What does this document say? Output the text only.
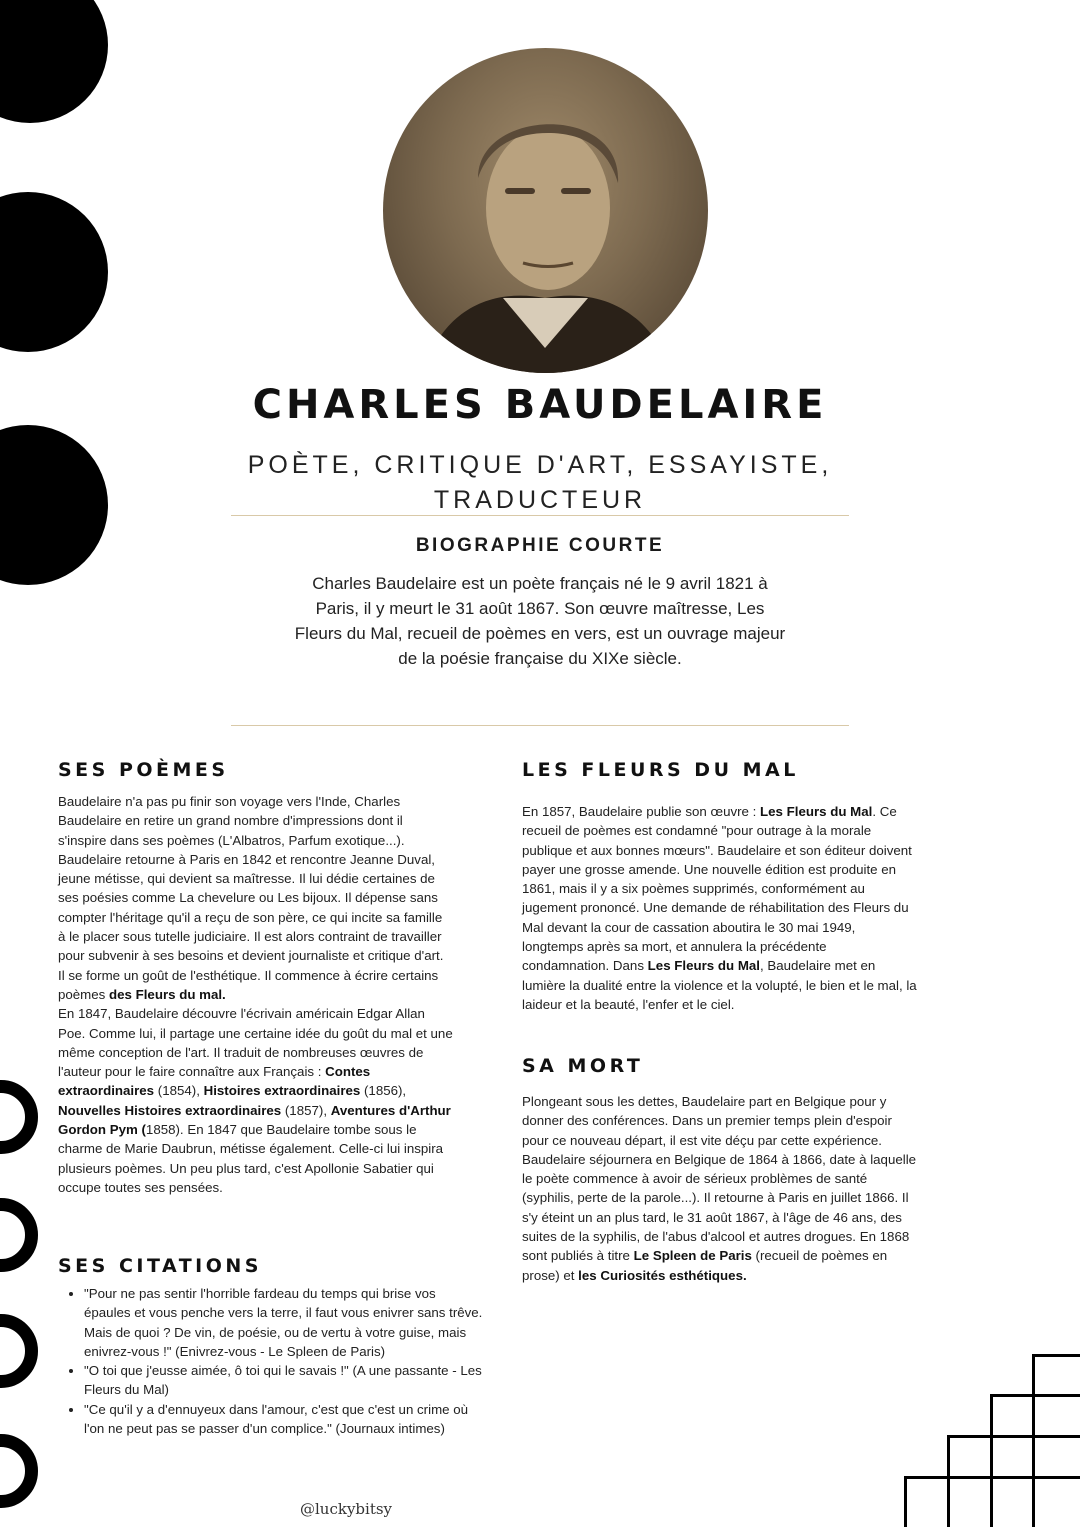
CHARLES BAUDELAIRE
POÈTE, CRITIQUE D'ART, ESSAYISTE,
TRADUCTEUR
BIOGRAPHIE COURTE
Charles Baudelaire est un poète français né le 9 avril 1821 à Paris, il y meurt le 31 août 1867. Son œuvre maîtresse, Les Fleurs du Mal, recueil de poèmes en vers, est un ouvrage majeur de la poésie française du XIXe siècle.
SES POÈMES
Baudelaire n'a pas pu finir son voyage vers l'Inde, Charles Baudelaire en retire un grand nombre d'impressions dont il s'inspire dans ses poèmes (L'Albatros, Parfum exotique...). Baudelaire retourne à Paris en 1842 et rencontre Jeanne Duval, jeune métisse, qui devient sa maîtresse. Il lui dédie certaines de ses poésies comme La chevelure ou Les bijoux. Il dépense sans compter l'héritage qu'il a reçu de son père, ce qui incite sa famille à le placer sous tutelle judiciaire. Il est alors contraint de travailler pour subvenir à ses besoins et devient journaliste et critique d'art. Il se forme un goût de l'esthétique. Il commence à écrire certains poèmes des Fleurs du mal.
En 1847, Baudelaire découvre l'écrivain américain Edgar Allan Poe. Comme lui, il partage une certaine idée du goût du mal et une même conception de l'art. Il traduit de nombreuses œuvres de l'auteur pour le faire connaître aux Français : Contes extraordinaires (1854), Histoires extraordinaires (1856), Nouvelles Histoires extraordinaires (1857), Aventures d'Arthur Gordon Pym (1858). En 1847 que Baudelaire tombe sous le charme de Marie Daubrun, métisse également. Celle-ci lui inspira plusieurs poèmes. Un peu plus tard, c'est Apollonie Sabatier qui occupe toutes ses pensées.
SES CITATIONS
• "Pour ne pas sentir l'horrible fardeau du temps qui brise vos épaules et vous penche vers la terre, il faut vous enivrer sans trêve. Mais de quoi ? De vin, de poésie, ou de vertu à votre guise, mais enivrez-vous !" (Enivrez-vous - Le Spleen de Paris)
• "O toi que j'eusse aimée, ô toi qui le savais !" (A une passante - Les Fleurs du Mal)
• "Ce qu'il y a d'ennuyeux dans l'amour, c'est que c'est un crime où l'on ne peut pas se passer d'un complice." (Journaux intimes)
LES FLEURS DU MAL
En 1857, Baudelaire publie son œuvre : Les Fleurs du Mal. Ce recueil de poèmes est condamné "pour outrage à la morale publique et aux bonnes mœurs". Baudelaire et son éditeur doivent payer une grosse amende. Une nouvelle édition est produite en 1861, mais il y a six poèmes supprimés, conformément au jugement prononcé. Une demande de réhabilitation des Fleurs du Mal devant la cour de cassation aboutira le 30 mai 1949, longtemps après sa mort, et annulera la précédente condamnation. Dans Les Fleurs du Mal, Baudelaire met en lumière la dualité entre la violence et la volupté, le bien et le mal, la laideur et la beauté, l'enfer et le ciel.
SA MORT
Plongeant sous les dettes, Baudelaire part en Belgique pour y donner des conférences. Dans un premier temps plein d'espoir pour ce nouveau départ, il est vite déçu par cette expérience. Baudelaire séjournera en Belgique de 1864 à 1866, date à laquelle le poète commence à avoir de sérieux problèmes de santé (syphilis, perte de la parole...). Il retourne à Paris en juillet 1866. Il s'y éteint un an plus tard, le 31 août 1867, à l'âge de 46 ans, des suites de la syphilis, de l'abus d'alcool et autres drogues. En 1868 sont publiés à titre Le Spleen de Paris (recueil de poèmes en prose) et les Curiosités esthétiques.
@luckybitsy
